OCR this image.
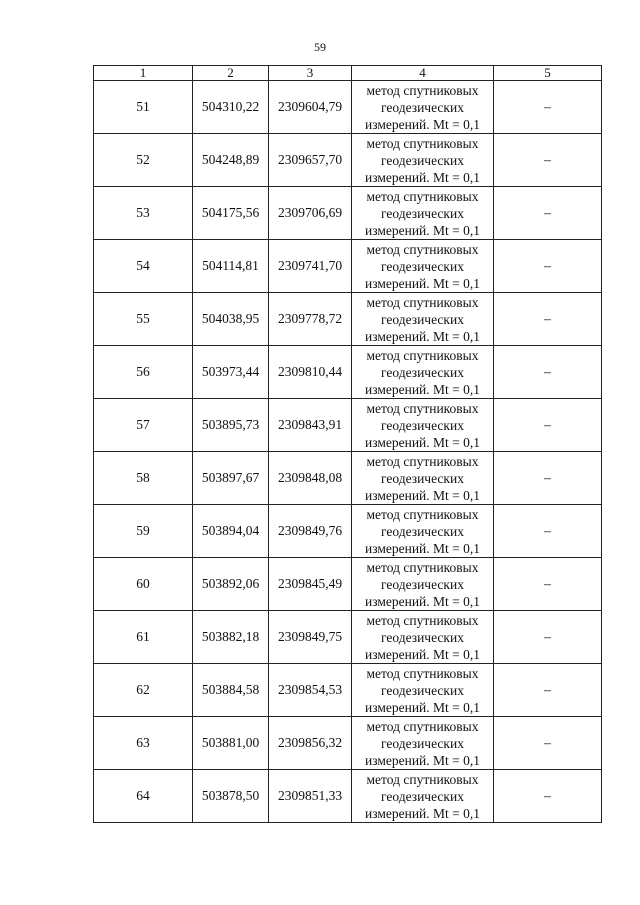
59
1	2	3	4	5
51	504310,22	2309604,79	метод спутниковых
геодезических
измерений. Mt = 0,1	–
52	504248,89	2309657,70	метод спутниковых
геодезических
измерений. Mt = 0,1	–
53	504175,56	2309706,69	метод спутниковых
геодезических
измерений. Mt = 0,1	–
54	504114,81	2309741,70	метод спутниковых
геодезических
измерений. Mt = 0,1	–
55	504038,95	2309778,72	метод спутниковых
геодезических
измерений. Mt = 0,1	–
56	503973,44	2309810,44	метод спутниковых
геодезических
измерений. Mt = 0,1	–
57	503895,73	2309843,91	метод спутниковых
геодезических
измерений. Mt = 0,1	–
58	503897,67	2309848,08	метод спутниковых
геодезических
измерений. Mt = 0,1	–
59	503894,04	2309849,76	метод спутниковых
геодезических
измерений. Mt = 0,1	–
60	503892,06	2309845,49	метод спутниковых
геодезических
измерений. Mt = 0,1	–
61	503882,18	2309849,75	метод спутниковых
геодезических
измерений. Mt = 0,1	–
62	503884,58	2309854,53	метод спутниковых
геодезических
измерений. Mt = 0,1	–
63	503881,00	2309856,32	метод спутниковых
геодезических
измерений. Mt = 0,1	–
64	503878,50	2309851,33	метод спутниковых
геодезических
измерений. Mt = 0,1	–
